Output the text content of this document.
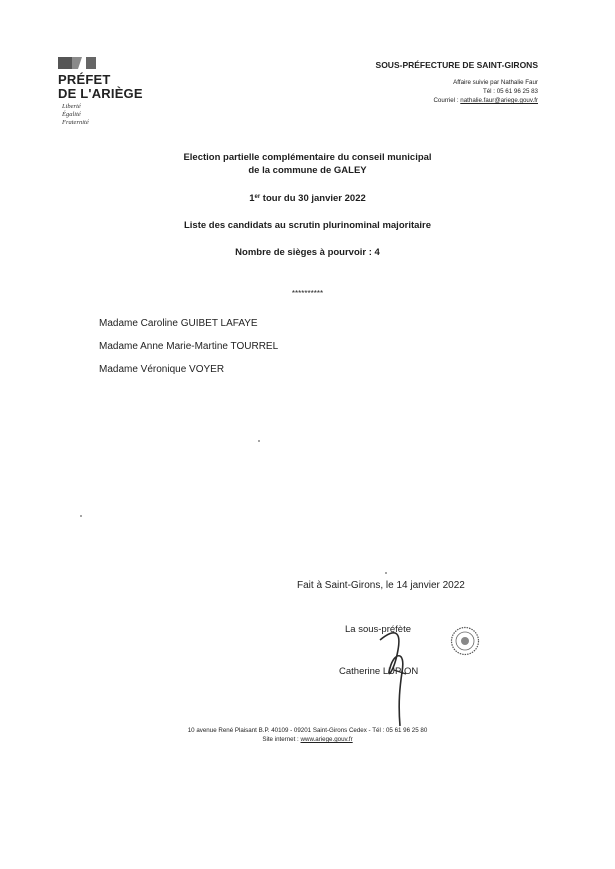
PRÉFET
DE L'ARIÈGE
Liberté
Égalité
Fraternité
SOUS-PRÉFECTURE DE SAINT-GIRONS
Affaire suivie par Nathalie Faur
Tél : 05 61 96 25 83
Courriel : nathalie.faur@ariege.gouv.fr
Election partielle complémentaire du conseil municipal
de la commune de GALEY
1er tour du 30 janvier 2022
Liste des candidats au scrutin plurinominal majoritaire
Nombre de sièges à pourvoir : 4
**********
Madame Caroline GUIBET LAFAYE
Madame Anne Marie-Martine TOURREL
Madame Véronique VOYER
Fait à Saint-Girons, le 14 janvier 2022
La sous-préfète
Catherine LUPION
10 avenue René Plaisant B.P. 40109 - 09201 Saint-Girons Cedex - Tél : 05 61 96 25 80
Site internet : www.ariege.gouv.fr
